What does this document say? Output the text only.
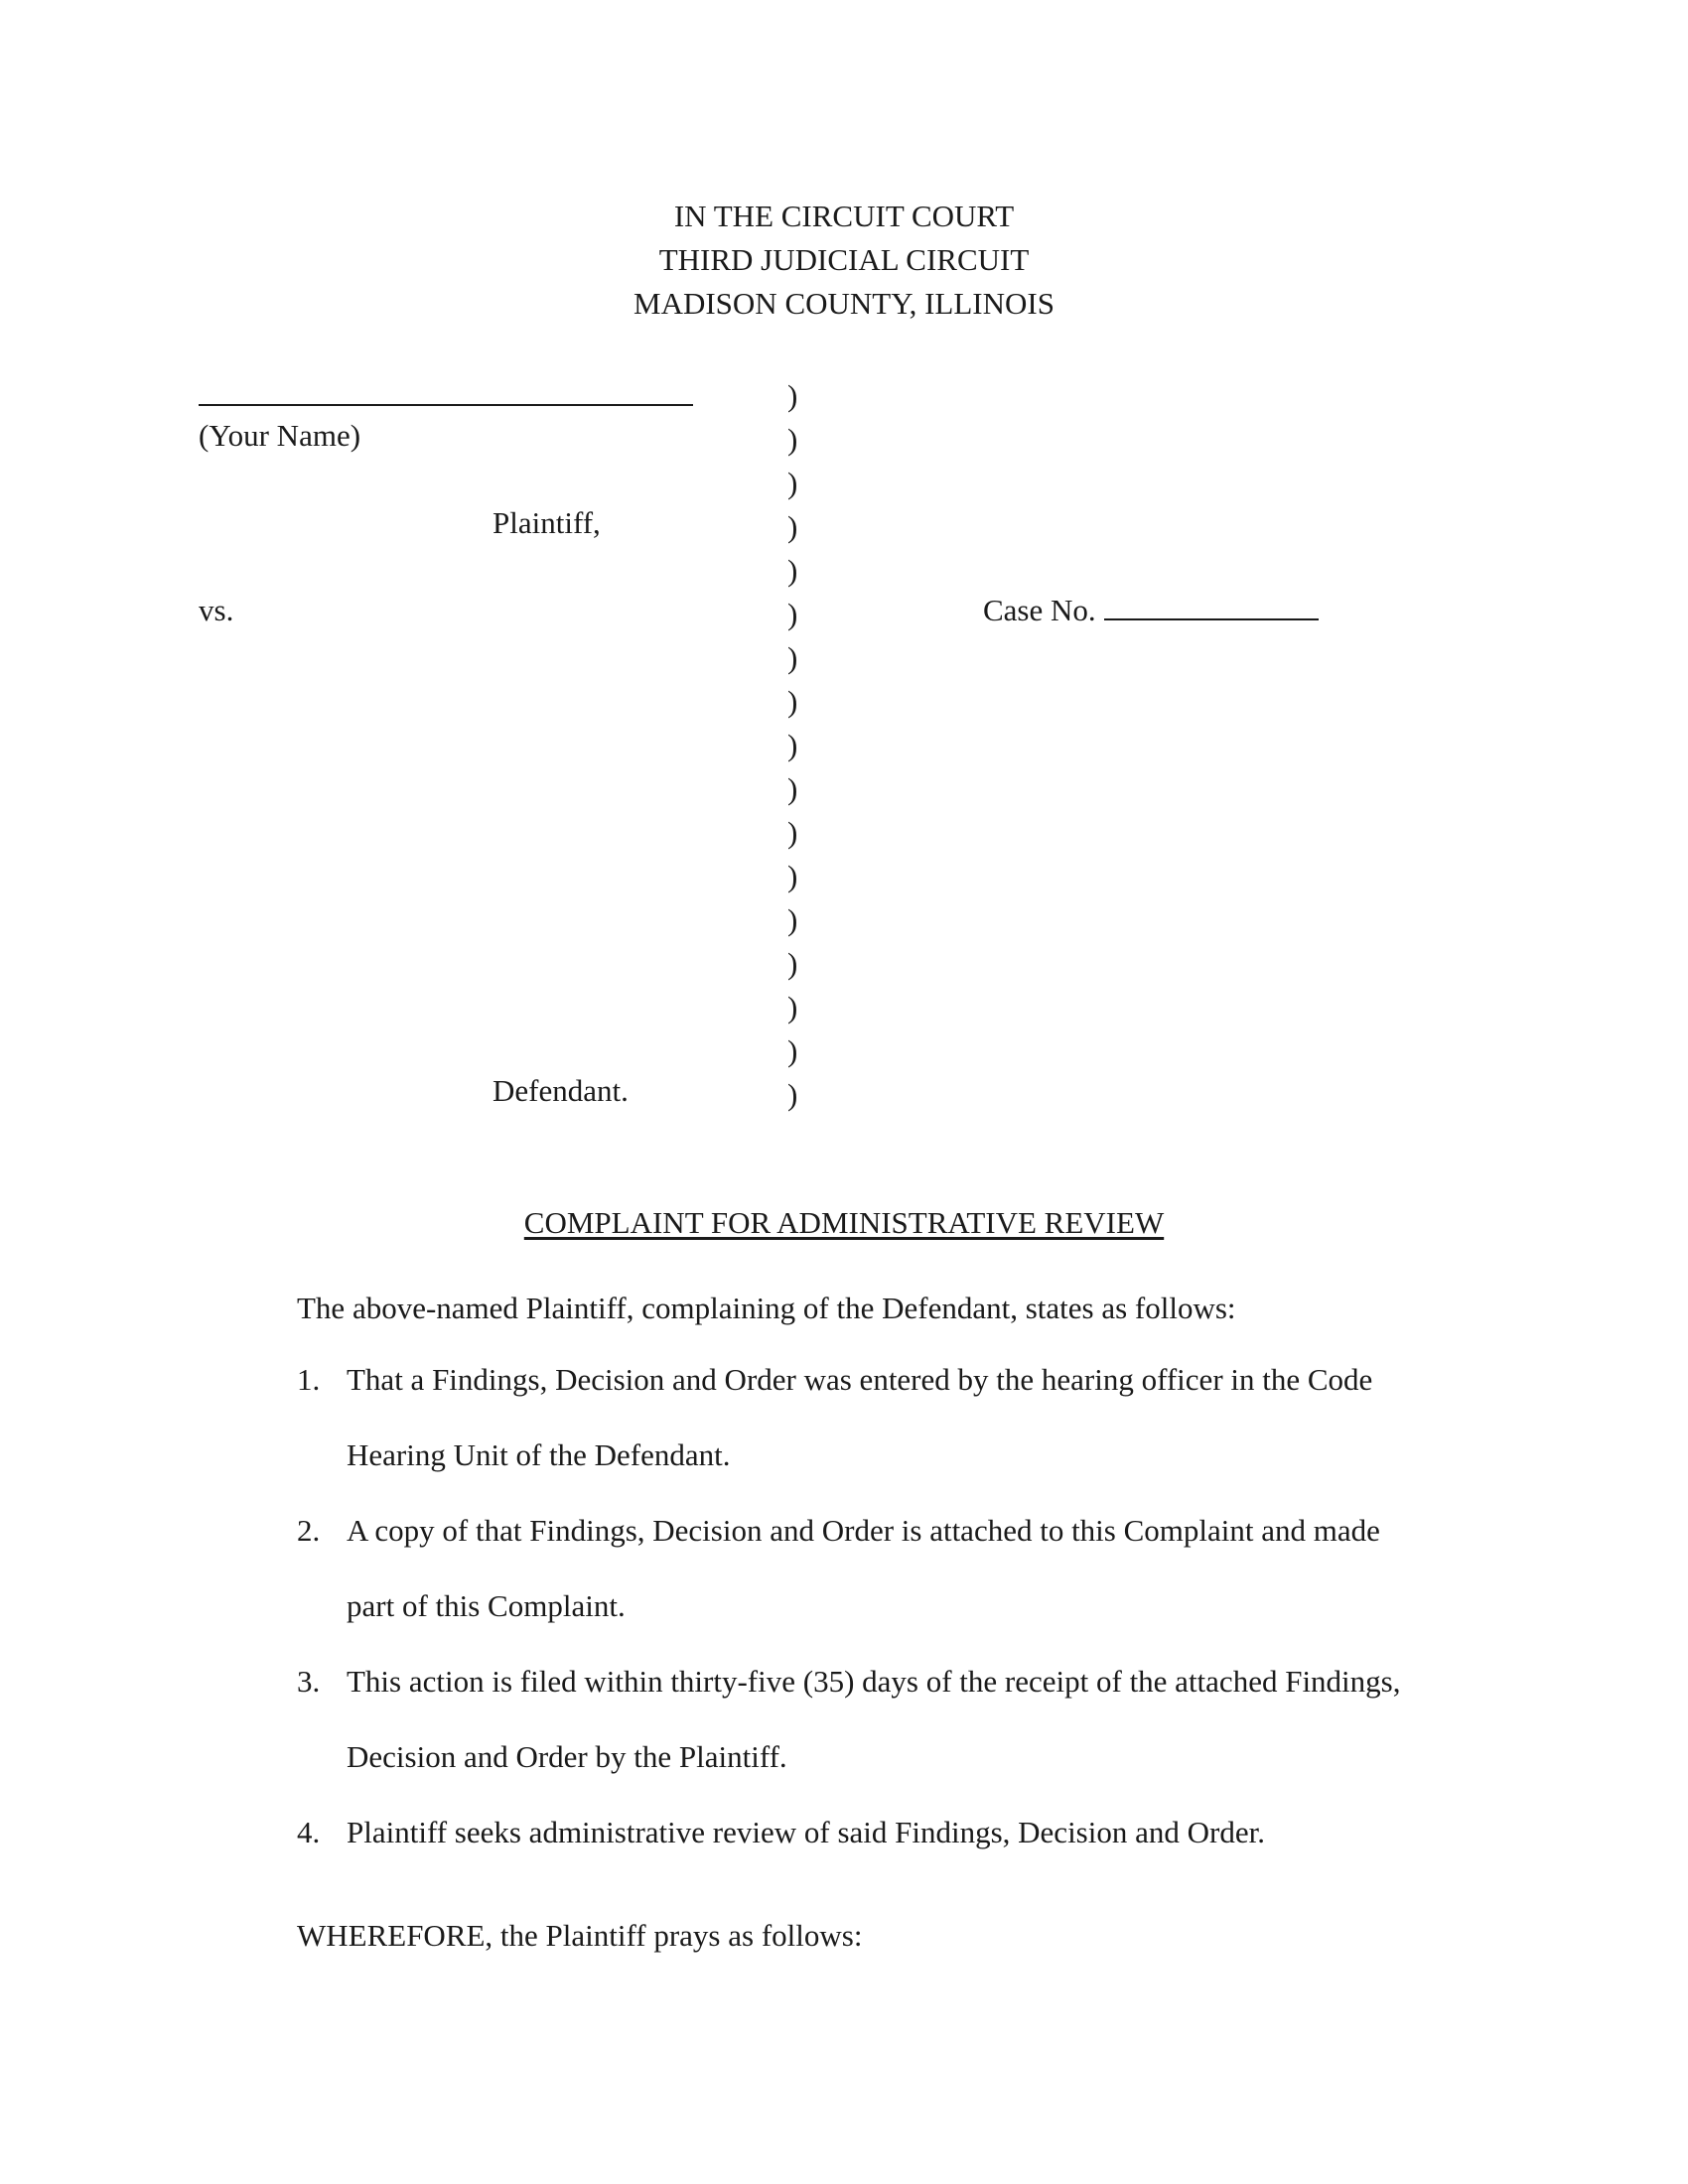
IN THE CIRCUIT COURT
THIRD JUDICIAL CIRCUIT
MADISON COUNTY, ILLINOIS
(Your Name)
Plaintiff,
vs.
Defendant.
)
)
)
)
)
)
)
)
)
)
)
)
)
)
)
)
)
Case No.
COMPLAINT FOR ADMINISTRATIVE REVIEW
The above-named Plaintiff, complaining of the Defendant, states as follows:
1. That a Findings, Decision and Order was entered by the hearing officer in the Code
Hearing Unit of the Defendant.
2. A copy of that Findings, Decision and Order is attached to this Complaint and made
part of this Complaint.
3. This action is filed within thirty-five (35) days of the receipt of the attached Findings,
Decision and Order by the Plaintiff.
4. Plaintiff seeks administrative review of said Findings, Decision and Order.
WHEREFORE, the Plaintiff prays as follows:
